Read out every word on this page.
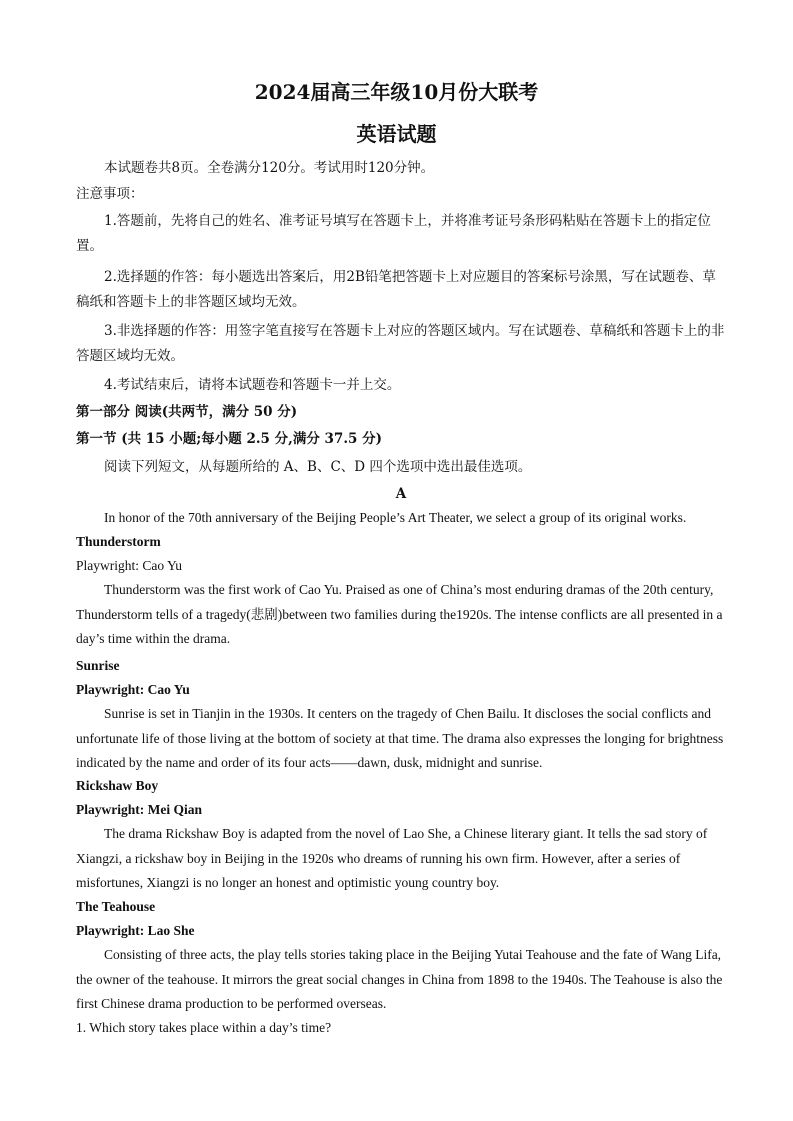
2024届高三年级10月份大联考
英语试题
本试题卷共8页。全卷满分120分。考试用时120分钟。
注意事项：
1.答题前，先将自己的姓名、准考证号填写在答题卡上，并将准考证号条形码粘贴在答题卡上的指定位置。
2.选择题的作答：每小题选出答案后，用2B铅笔把答题卡上对应题目的答案标号涂黑，写在试题卷、草稿纸和答题卡上的非答题区域均无效。
3.非选择题的作答：用签字笔直接写在答题卡上对应的答题区域内。写在试题卷、草稿纸和答题卡上的非答题区域均无效。
4.考试结束后，请将本试题卷和答题卡一并上交。
第一部分 阅读(共两节，满分 50 分)
第一节 (共 15 小题;每小题 2.5 分,满分 37.5 分)
阅读下列短文，从每题所给的 A、B、C、D 四个选项中选出最佳选项。
A
In honor of the 70th anniversary of the Beijing People’s Art Theater, we select a group of its original works.
Thunderstorm
Playwright: Cao Yu
Thunderstorm was the first work of Cao Yu. Praised as one of China’s most enduring dramas of the 20th century, Thunderstorm tells of a tragedy(悲剧)between two families during the1920s. The intense conflicts are all presented in a day’s time within the drama.
Sunrise
Playwright: Cao Yu
Sunrise is set in Tianjin in the 1930s. It centers on the tragedy of Chen Bailu. It discloses the social conflicts and unfortunate life of those living at the bottom of society at that time. The drama also expresses the longing for brightness indicated by the name and order of its four acts——dawn, dusk, midnight and sunrise.
Rickshaw Boy
Playwright: Mei Qian
The drama Rickshaw Boy is adapted from the novel of Lao She, a Chinese literary giant. It tells the sad story of Xiangzi, a rickshaw boy in Beijing in the 1920s who dreams of running his own firm. However, after a series of misfortunes, Xiangzi is no longer an honest and optimistic young country boy.
The Teahouse
Playwright: Lao She
Consisting of three acts, the play tells stories taking place in the Beijing Yutai Teahouse and the fate of Wang Lifa, the owner of the teahouse. It mirrors the great social changes in China from 1898 to the 1940s. The Teahouse is also the first Chinese drama production to be performed overseas.
1. Which story takes place within a day’s time?
